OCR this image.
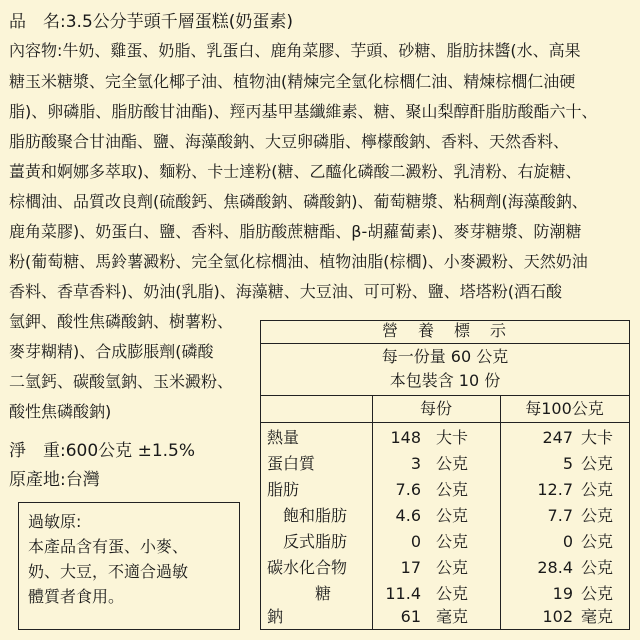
品　名:3.5公分芋頭千層蛋糕(奶蛋素)
內容物:牛奶、雞蛋、奶脂、乳蛋白、鹿角菜膠、芋頭、砂糖、脂肪抹醬(水、高果
糖玉米糖漿、完全氫化椰子油、植物油(精煉完全氫化棕櫚仁油、精煉棕櫚仁油硬
脂)、卵磷脂、脂肪酸甘油酯)、羥丙基甲基纖維素、糖、聚山梨醇酐脂肪酸酯六十、
脂肪酸聚合甘油酯、鹽、海藻酸鈉、大豆卵磷脂、檸檬酸鈉、香料、天然香料、
薑黃和婀娜多萃取)、麵粉、卡士達粉(糖、乙醯化磷酸二澱粉、乳清粉、右旋糖、
棕櫚油、品質改良劑(硫酸鈣、焦磷酸鈉、磷酸鈉)、葡萄糖漿、粘稠劑(海藻酸鈉、
鹿角菜膠)、奶蛋白、鹽、香料、脂肪酸蔗糖酯、β-胡蘿蔔素)、麥芽糖漿、防潮糖
粉(葡萄糖、馬鈴薯澱粉、完全氫化棕櫚油、植物油脂(棕櫚)、小麥澱粉、天然奶油
香料、香草香料)、奶油(乳脂)、海藻糖、大豆油、可可粉、鹽、塔塔粉(酒石酸
氫鉀、酸性焦磷酸鈉、樹薯粉、
麥芽糊精)、合成膨脹劑(磷酸
二氫鈣、碳酸氫鈉、玉米澱粉、
酸性焦磷酸鈉)
淨　重:600公克 ±1.5%
原產地:台灣
過敏原:
本產品含有蛋、小麥、
奶、大豆，不適合過敏
體質者食用。
營　養　標　示
每一份量 60 公克
本包裝含 10 份
每份	每100公克
熱量	148 大卡	247 大卡
蛋白質	3 公克	5 公克
脂肪	7.6 公克	12.7 公克
飽和脂肪	4.6 公克	7.7 公克
反式脂肪	0 公克	0 公克
碳水化合物	17 公克	28.4 公克
糖	11.4 公克	19 公克
鈉	61 毫克	102 毫克
